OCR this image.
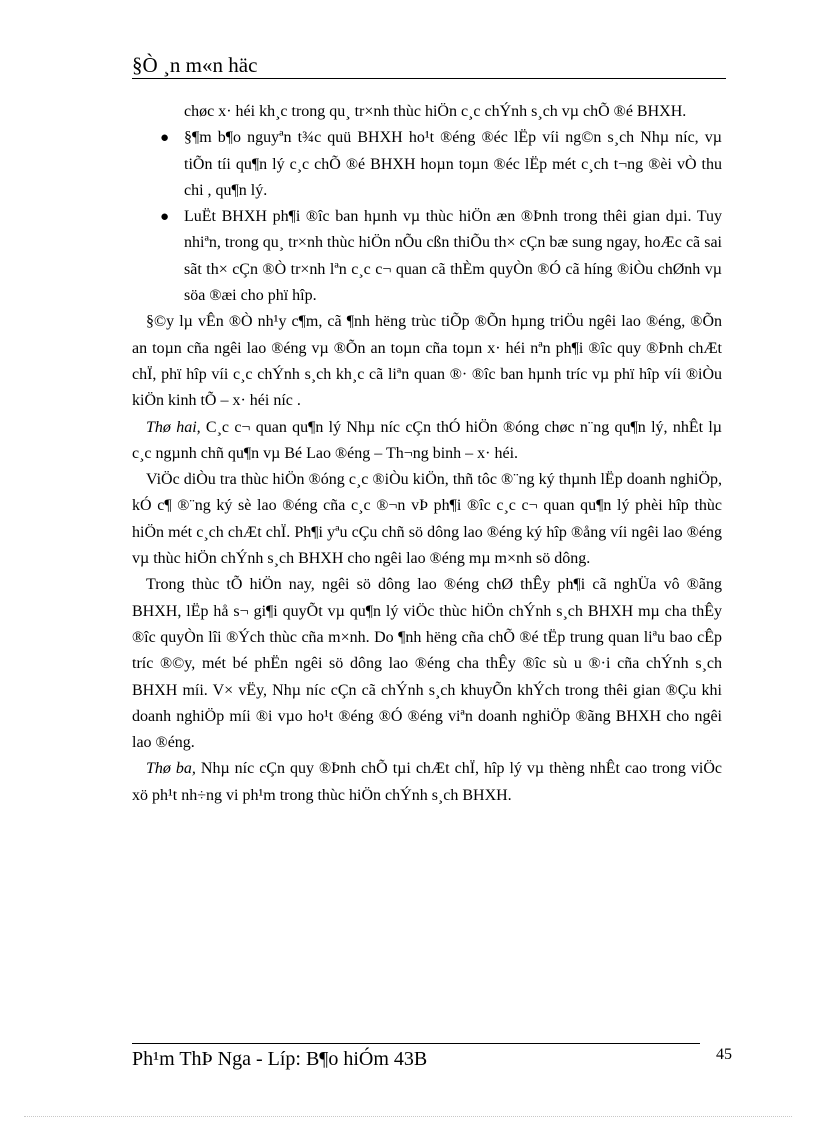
§Ò ¸n m«n häc

chøc x· héi kh¸c trong qu¸ tr×nh thùc hiÖn c¸c chÝnh s¸ch vµ chÕ ®é BHXH.

● §¶m b¶o nguyªn t¾c quü BHXH ho¹t ®éng ®éc lËp víi ng©n s¸ch Nhµ níc, vµ tiÕn tíi qu¶n lý c¸c chÕ ®é BHXH hoµn toµn ®éc lËp mét c¸ch t¬ng ®èi vÒ thu chi , qu¶n lý.
● LuËt BHXH ph¶i ®îc ban hµnh vµ thùc hiÖn æn ®Þnh trong thêi gian dµi. Tuy nhiªn, trong qu¸ tr×nh thùc hiÖn nÕu cßn thiÕu th× cÇn bæ sung ngay, hoÆc cã sai sãt th× cÇn ®Ò tr×nh lªn c¸c c¬ quan cã thÈm quyÒn ®Ó cã híng ®iÒu chØnh vµ söa ®æi cho phï hîp.

§©y lµ vÊn ®Ò nh¹y c¶m, cã ¶nh hëng trùc tiÕp ®Õn hµng triÖu ngêi lao ®éng, ®Õn an toµn cña ngêi lao ®éng vµ ®Õn an toµn cña toµn x· héi nªn ph¶i ®îc quy ®Þnh chÆt chÏ, phï hîp víi c¸c chÝnh s¸ch kh¸c cã liªn quan ®· ®îc ban hµnh tríc vµ phï hîp víi ®iÒu kiÖn kinh tÕ – x· héi níc .

Thø hai, C¸c c¬ quan qu¶n lý Nhµ níc cÇn thÓ hiÖn ®óng chøc n¨ng qu¶n lý, nhÊt lµ c¸c ngµnh chñ qu¶n vµ Bé Lao ®éng – Th¬ng binh – x· héi.

ViÖc diÒu tra thùc hiÖn ®óng c¸c ®iÒu kiÖn, thñ tôc ®¨ng ký thµnh lËp doanh nghiÖp, kÓ c¶ ®¨ng ký sè lao ®éng cña c¸c ®¬n vÞ ph¶i ®îc c¸c c¬ quan qu¶n lý phèi hîp thùc hiÖn mét c¸ch chÆt chÏ. Ph¶i yªu cÇu chñ sö dông lao ®éng ký hîp ®ång víi ngêi lao ®éng vµ thùc hiÖn chÝnh s¸ch BHXH cho ngêi lao ®éng mµ m×nh sö dông.

Trong thùc tÕ hiÖn nay, ngêi sö dông lao ®éng chØ thÊy ph¶i cã nghÜa vô ®ãng BHXH, lËp hå s¬ gi¶i quyÕt vµ qu¶n lý viÖc thùc hiÖn chÝnh s¸ch BHXH mµ cha thÊy ®îc quyÒn lîi ®Ých thùc cña m×nh. Do ¶nh hëng cña chÕ ®é tËp trung quan liªu bao cÊp tríc ®©y, mét bé phËn ngêi sö dông lao ®éng cha thÊy ®îc sù u ®·i cña chÝnh s¸ch BHXH míi. V× vËy, Nhµ níc cÇn cã chÝnh s¸ch khuyÕn khÝch trong thêi gian ®Çu khi doanh nghiÖp míi ®i vµo ho¹t ®éng ®Ó ®éng viªn doanh nghiÖp ®ãng BHXH cho ngêi lao ®éng.

Thø ba, Nhµ níc cÇn quy ®Þnh chÕ tµi chÆt chÏ, hîp lý vµ thèng nhÊt cao trong viÖc xö ph¹t nh÷ng vi ph¹m trong thùc hiÖn chÝnh s¸ch BHXH.

Ph¹m ThÞ Nga - Líp: B¶o hiÓm 43B	45
